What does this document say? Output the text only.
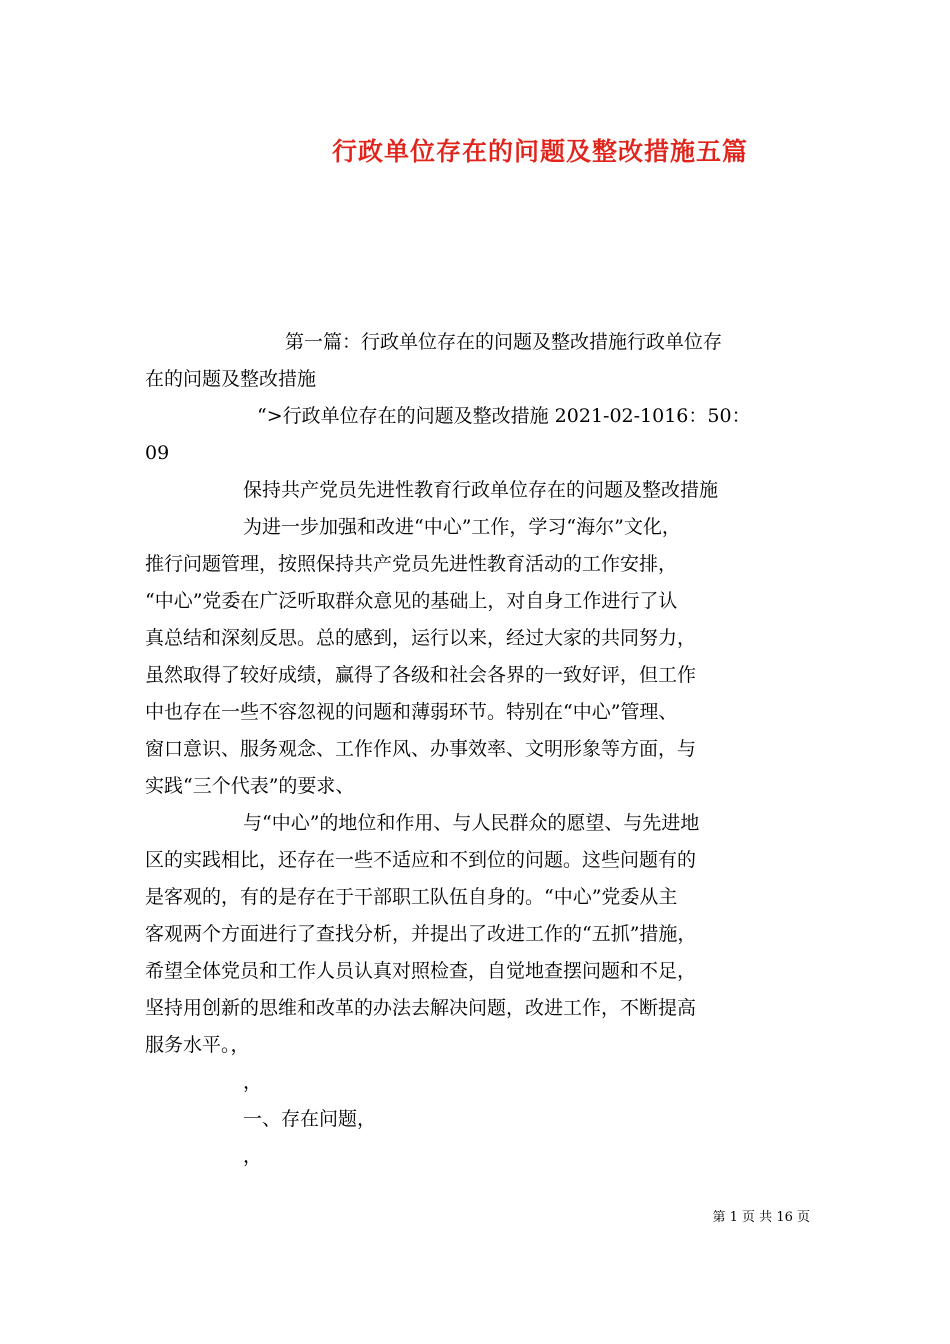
行政单位存在的问题及整改措施五篇
第一篇：行政单位存在的问题及整改措施行政单位存
在的问题及整改措施
“>行政单位存在的问题及整改措施 2021-02-1016：50：
09
保持共产党员先进性教育行政单位存在的问题及整改措施
为进一步加强和改进“中心”工作，学习“海尔”文化，
推行问题管理，按照保持共产党员先进性教育活动的工作安排，
“中心”党委在广泛听取群众意见的基础上，对自身工作进行了认
真总结和深刻反思。总的感到，运行以来，经过大家的共同努力，
虽然取得了较好成绩，赢得了各级和社会各界的一致好评，但工作
中也存在一些不容忽视的问题和薄弱环节。特别在“中心”管理、
窗口意识、服务观念、工作作风、办事效率、文明形象等方面，与
实践“三个代表”的要求、
与“中心”的地位和作用、与人民群众的愿望、与先进地
区的实践相比，还存在一些不适应和不到位的问题。这些问题有的
是客观的，有的是存在于干部职工队伍自身的。“中心”党委从主
客观两个方面进行了查找分析，并提出了改进工作的“五抓”措施，
希望全体党员和工作人员认真对照检查，自觉地查摆问题和不足，
坚持用创新的思维和改革的办法去解决问题，改进工作，不断提高
服务水平。，
，
一、存在问题，
，
第 1 页 共 16 页
